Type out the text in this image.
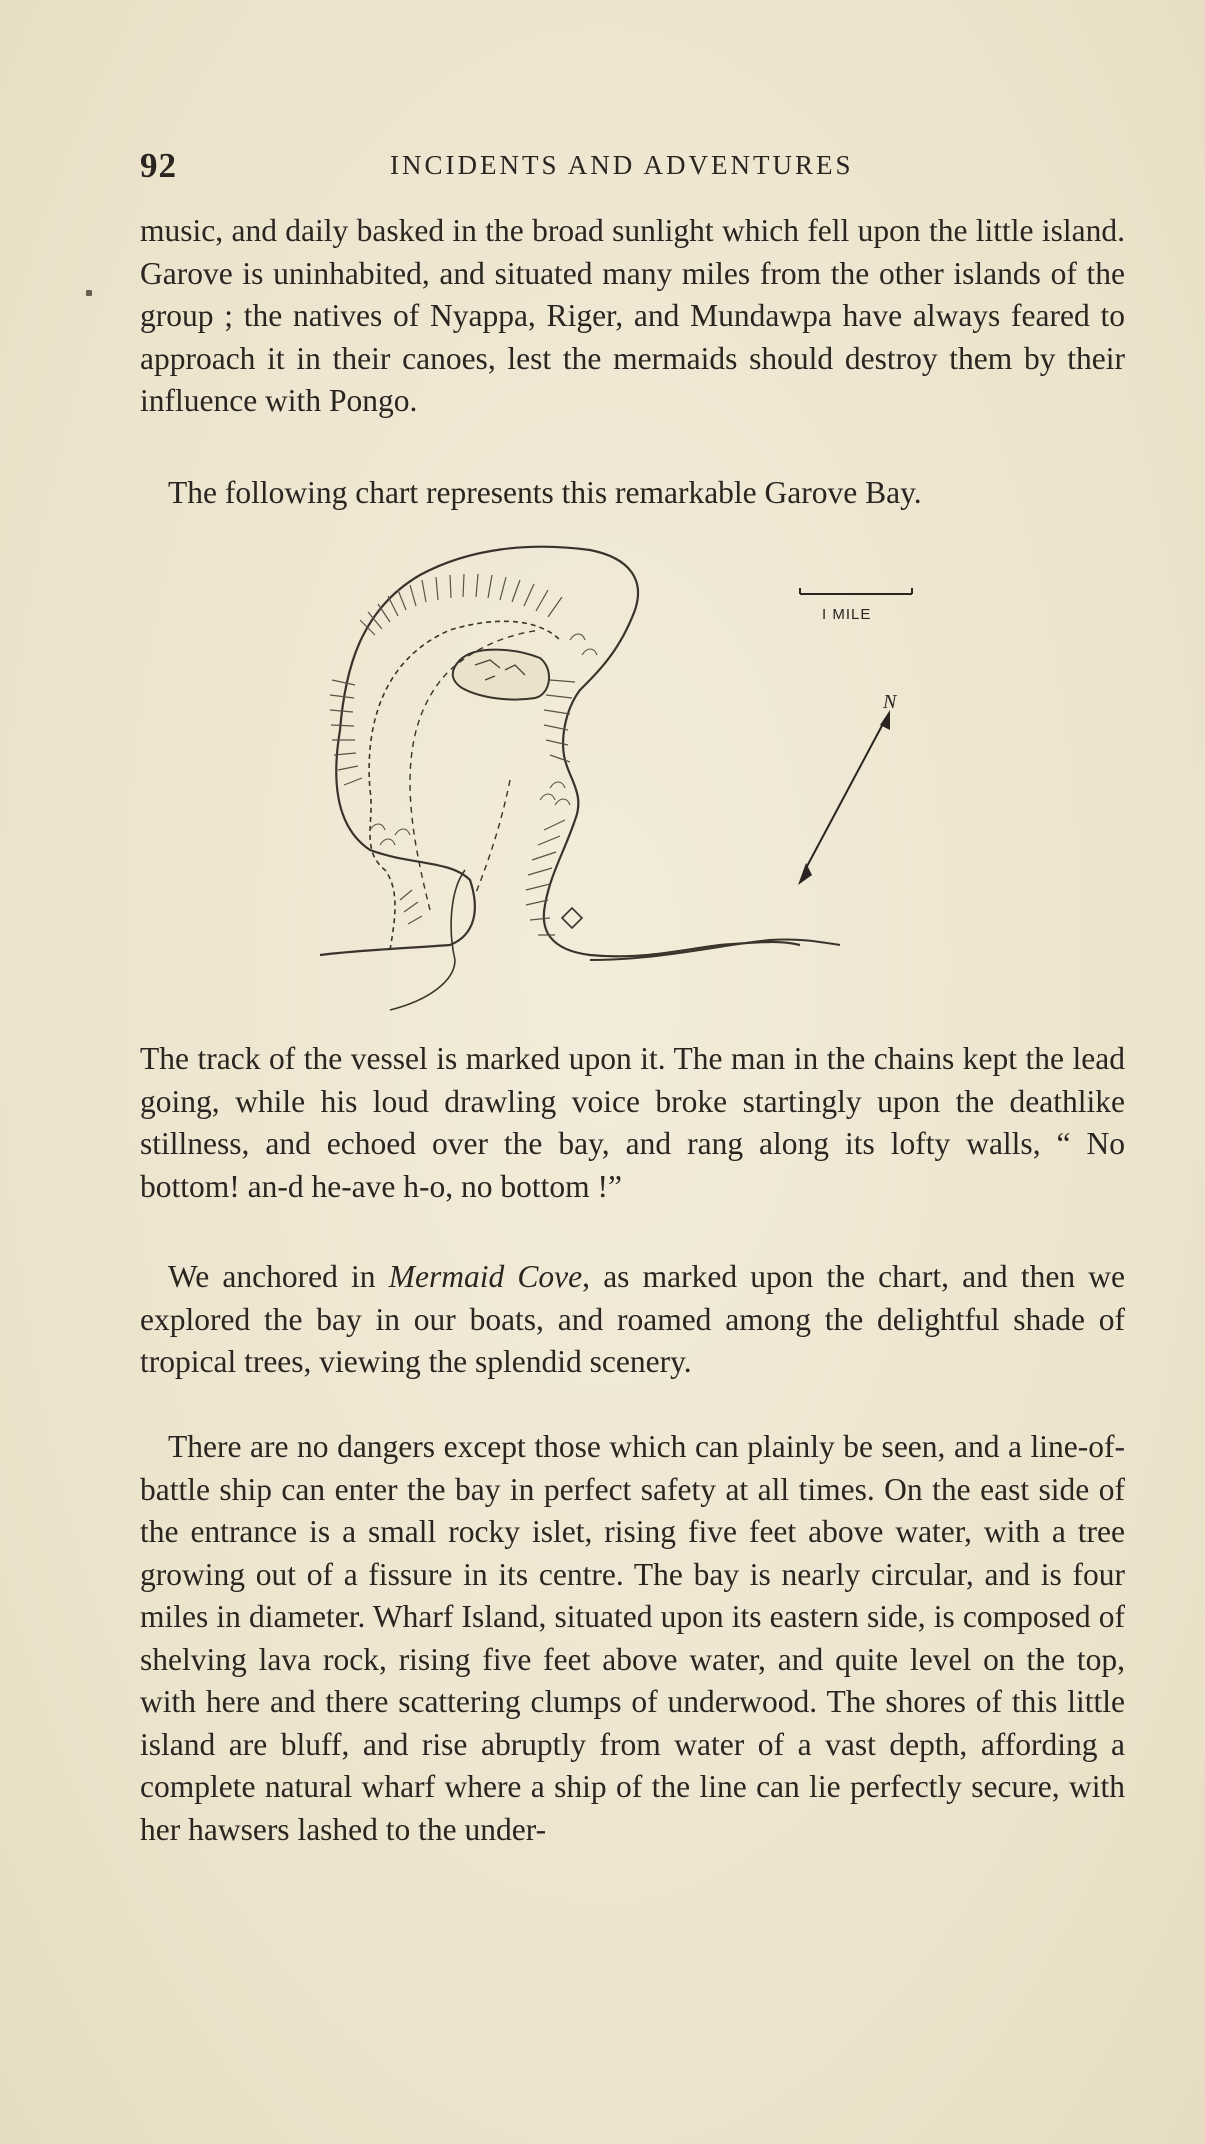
92	INCIDENTS AND ADVENTURES

music, and daily basked in the broad sunlight which fell upon the little island. Garove is uninhabited, and situated many miles from the other islands of the group ; the natives of Nyappa, Riger, and Mundawpa have always feared to approach it in their canoes, lest the mermaids should destroy them by their influence with Pongo.

The following chart represents this remarkable Garove Bay.

I MILE
N

The track of the vessel is marked upon it. The man in the chains kept the lead going, while his loud drawling voice broke startingly upon the deathlike stillness, and echoed over the bay, and rang along its lofty walls, “ No bottom! an-d he-ave h-o, no bottom !”

We anchored in Mermaid Cove, as marked upon the chart, and then we explored the bay in our boats, and roamed among the delightful shade of tropical trees, viewing the splendid scenery.

There are no dangers except those which can plainly be seen, and a line-of-battle ship can enter the bay in perfect safety at all times. On the east side of the entrance is a small rocky islet, rising five feet above water, with a tree growing out of a fissure in its centre. The bay is nearly circular, and is four miles in diameter. Wharf Island, situated upon its eastern side, is composed of shelving lava rock, rising five feet above water, and quite level on the top, with here and there scattering clumps of underwood. The shores of this little island are bluff, and rise abruptly from water of a vast depth, affording a complete natural wharf where a ship of the line can lie perfectly secure, with her hawsers lashed to the under-
